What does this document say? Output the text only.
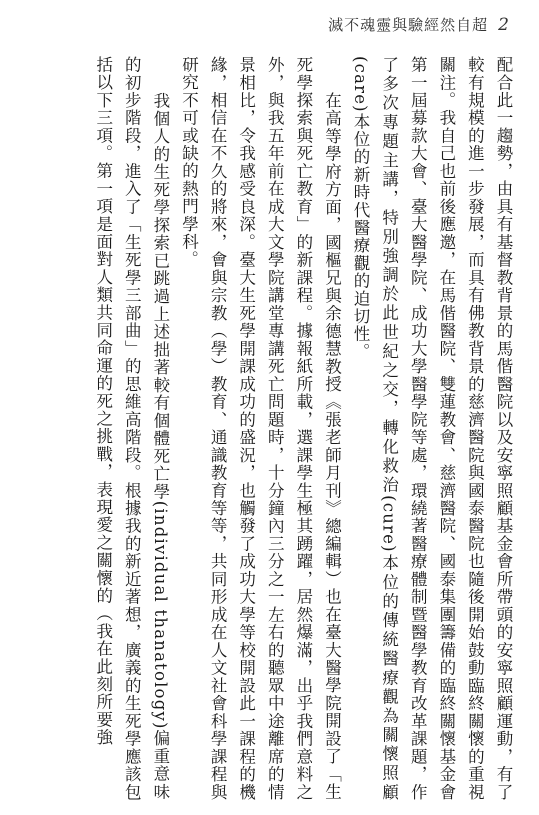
滅不魂靈與驗經然自超 2

配合此一趨勢，由具有基督教背景的馬偕醫院以及安寧照顧基金會所帶頭的安寧照顧運動，有了較有規模的進一步發展，而具有佛教背景的慈濟醫院與國泰醫院也隨後開始鼓動臨終關懷的重視關注。我自己也前後應邀，在馬偕醫院、雙蓮教會、慈濟醫院、國泰集團籌備的臨終關懷基金會第一屆募款大會、臺大醫學院、成功大學醫學院等處，環繞著醫療體制暨醫學教育改革課題，作了多次專題主講，特別強調於此世紀之交，轉化救治(cure)本位的傳統醫療觀為關懷照顧(care)本位的新時代醫療觀的迫切性。

在高等學府方面，國樞兄與余德慧教授《張老師月刊》總編輯）也在臺大醫學院開設了「生死學探索與死亡教育」的新課程。據報紙所載，選課學生極其踴躍，居然爆滿，出乎我們意料之外，與我五年前在成大文學院講堂專講死亡問題時，十分鐘內三分之一左右的聽眾中途離席的情景相比，令我感受良深。臺大生死學開課成功的盛況，也觸發了成功大學等校開設此一課程的機緣，相信在不久的將來，會與宗教（學）教育、通識教育等等，共同形成在人文社會科學課程與研究不可或缺的熱門學科。

我個人的生死學探索已跳過上述拙著較有個體死亡學(individual thanatology)偏重意味的初步階段，進入了「生死學三部曲」的思維高階段。根據我的新近著想，廣義的生死學應該包括以下三項。第一項是面對人類共同命運的死之挑戰，表現愛之關懷的（我在此刻所要強
